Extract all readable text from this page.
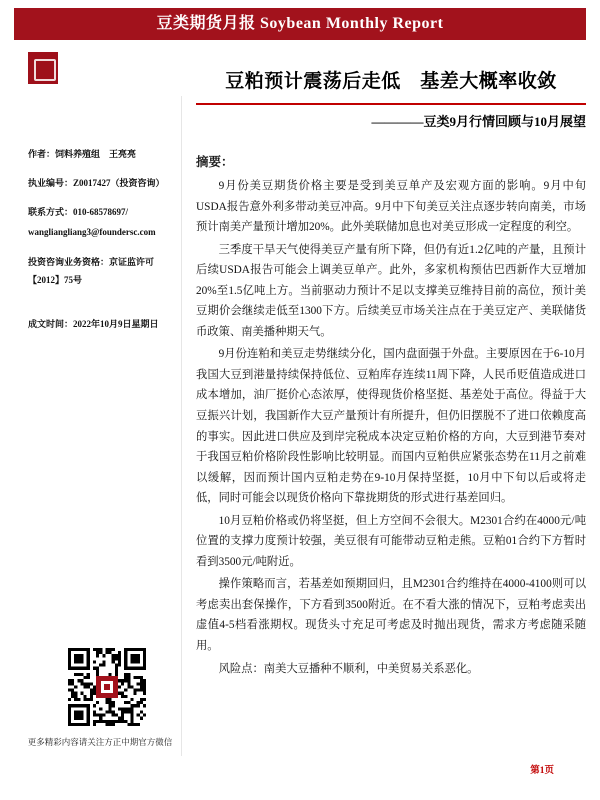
豆类期货月报 Soybean Monthly Report
作者：饲料养殖组　王亮亮
执业编号：Z0017427（投资咨询）
联系方式：010-68578697/
wangliangliang3@foundersc.com
投资咨询业务资格：京证监许可
【2012】75号
成文时间：2022年10月9日星期日
更多精彩内容请关注方正中期官方微信
豆粕预计震荡后走低　基差大概率收敛
————豆类9月行情回顾与10月展望
摘要：

9月份美豆期货价格主要是受到美豆单产及宏观方面的影响。9月中旬USDA报告意外利多带动美豆冲高。9月中下旬美豆关注点逐步转向南美，市场预计南美产量预计增加20%。此外美联储加息也对美豆形成一定程度的利空。

三季度干旱天气使得美豆产量有所下降，但仍有近1.2亿吨的产量，且预计后续USDA报告可能会上调美豆单产。此外，多家机构预估巴西新作大豆增加20%至1.5亿吨上方。当前驱动力预计不足以支撑美豆维持目前的高位，预计美豆期价会继续走低至1300下方。后续美豆市场关注点在于美豆定产、美联储货币政策、南美播种期天气。

9月份连粕和美豆走势继续分化，国内盘面强于外盘。主要原因在于6-10月我国大豆到港量持续保持低位、豆粕库存连续11周下降，人民币贬值造成进口成本增加，油厂挺价心态浓厚，使得现货价格坚挺、基差处于高位。得益于大豆振兴计划，我国新作大豆产量预计有所提升，但仍旧摆脱不了进口依赖度高的事实。因此进口供应及到岸完税成本决定豆粕价格的方向，大豆到港节奏对于我国豆粕价格阶段性影响比较明显。而国内豆粕供应紧张态势在11月之前难以缓解，因而预计国内豆粕走势在9-10月保持坚挺，10月中下旬以后或将走低，同时可能会以现货价格向下靠拢期货的形式进行基差回归。

10月豆粕价格或仍将坚挺，但上方空间不会很大。M2301合约在4000元/吨位置的支撑力度预计较强，美豆很有可能带动豆粕走熊。豆粕01合约下方暂时看到3500元/吨附近。

操作策略而言，若基差如预期回归，且M2301合约维持在4000-4100则可以考虑卖出套保操作，下方看到3500附近。在不看大涨的情况下，豆粕考虑卖出虚值4-5档看涨期权。现货头寸充足可考虑及时抛出现货，需求方考虑随采随用。

风险点：南美大豆播种不顺利，中美贸易关系恶化。

第1页
